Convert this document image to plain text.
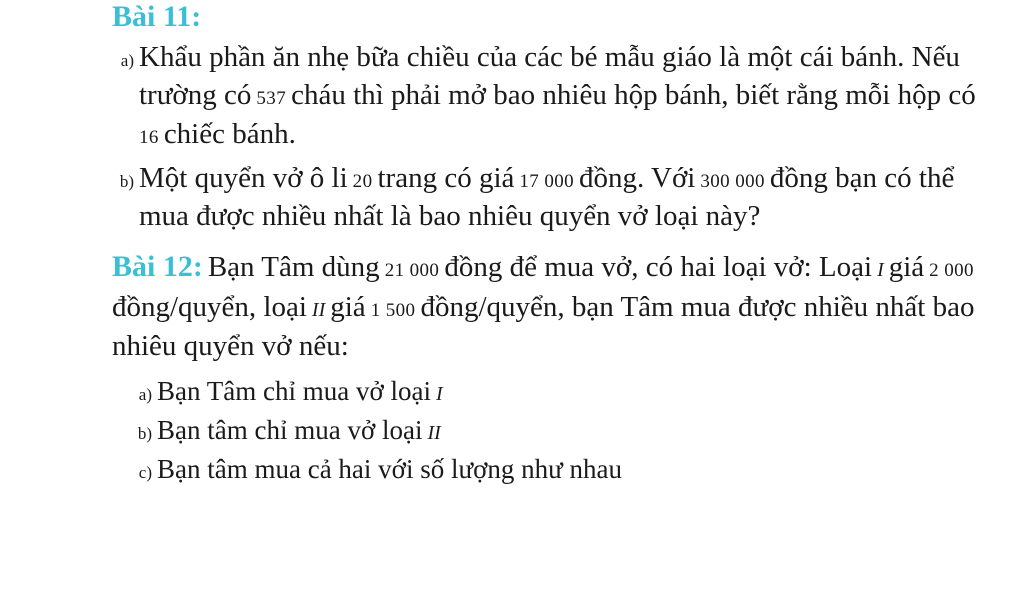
Bài 11:
a) Khẩu phần ăn nhẹ bữa chiều của các bé mẫu giáo là một cái bánh. Nếu trường có 537 cháu thì phải mở bao nhiêu hộp bánh, biết rằng mỗi hộp có16 chiếc bánh.
b) Một quyển vở ô li 20 trang có giá 17 000 đồng. Với 300 000 đồng bạn có thể mua được nhiều nhất là bao nhiêu quyển vở loại này?
Bài 12: Bạn Tâm dùng 21 000 đồng để mua vở, có hai loại vở: Loại I giá 2 000đồng/quyển, loại II giá 1 500 đồng/quyển, bạn Tâm mua được nhiều nhất bao nhiêu quyển vở nếu:
a) Bạn Tâm chỉ mua vở loại I
b) Bạn tâm chỉ mua vở loại II
c) Bạn tâm mua cả hai với số lượng như nhau
